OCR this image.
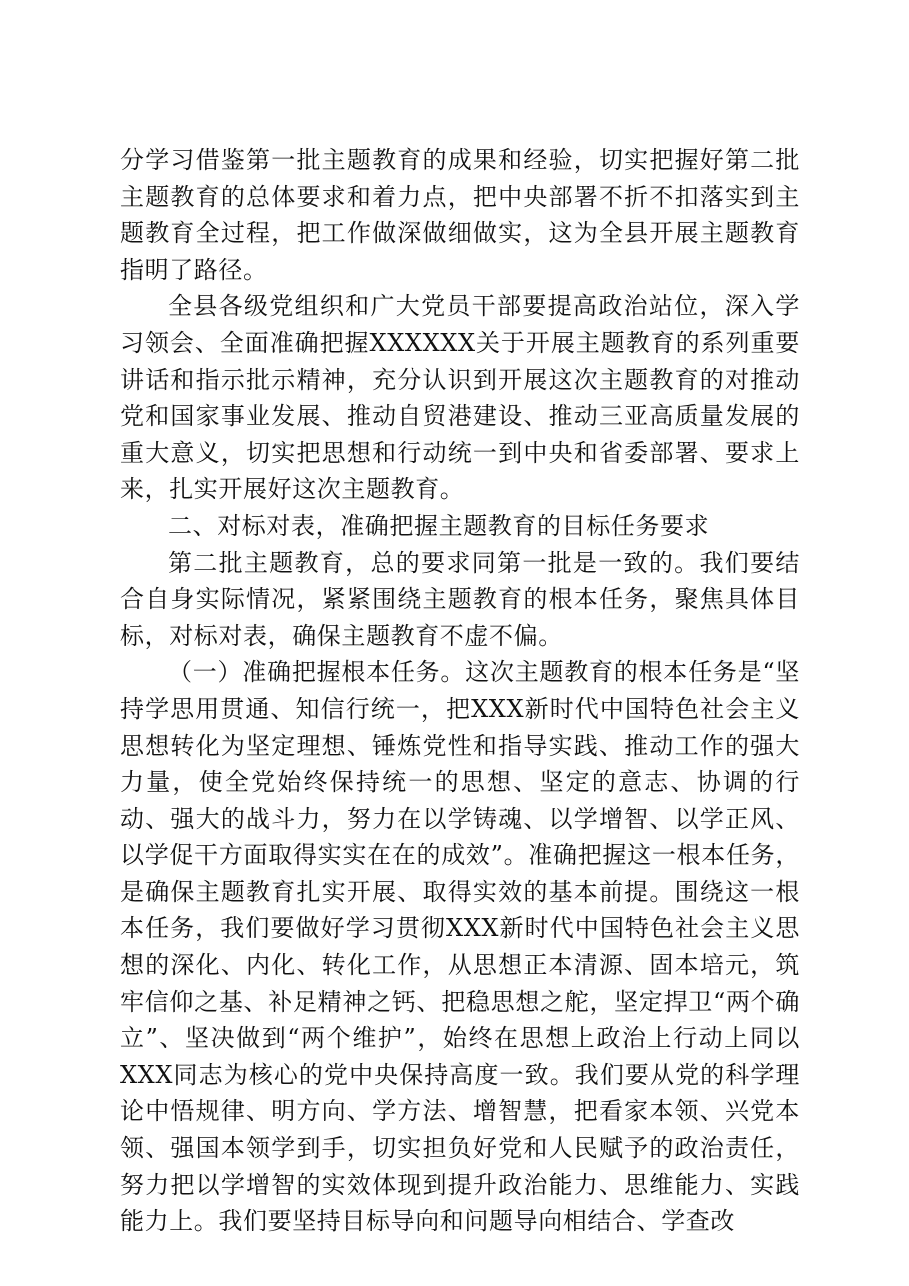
分学习借鉴第一批主题教育的成果和经验，切实把握好第二批主题教育的总体要求和着力点，把中央部署不折不扣落实到主题教育全过程，把工作做深做细做实，这为全县开展主题教育指明了路径。

全县各级党组织和广大党员干部要提高政治站位，深入学习领会、全面准确把握XXXXXX关于开展主题教育的系列重要讲话和指示批示精神，充分认识到开展这次主题教育的对推动党和国家事业发展、推动自贸港建设、推动三亚高质量发展的重大意义，切实把思想和行动统一到中央和省委部署、要求上来，扎实开展好这次主题教育。

二、对标对表，准确把握主题教育的目标任务要求

第二批主题教育，总的要求同第一批是一致的。我们要结合自身实际情况，紧紧围绕主题教育的根本任务，聚焦具体目标，对标对表，确保主题教育不虚不偏。

（一）准确把握根本任务。这次主题教育的根本任务是“坚持学思用贯通、知信行统一，把XXX新时代中国特色社会主义思想转化为坚定理想、锤炼党性和指导实践、推动工作的强大力量，使全党始终保持统一的思想、坚定的意志、协调的行动、强大的战斗力，努力在以学铸魂、以学增智、以学正风、以学促干方面取得实实在在的成效”。准确把握这一根本任务，是确保主题教育扎实开展、取得实效的基本前提。围绕这一根本任务，我们要做好学习贯彻XXX新时代中国特色社会主义思想的深化、内化、转化工作，从思想正本清源、固本培元，筑牢信仰之基、补足精神之钙、把稳思想之舵，坚定捍卫“两个确立”、坚决做到“两个维护”，始终在思想上政治上行动上同以XXX同志为核心的党中央保持高度一致。我们要从党的科学理论中悟规律、明方向、学方法、增智慧，把看家本领、兴党本领、强国本领学到手，切实担负好党和人民赋予的政治责任，努力把以学增智的实效体现到提升政治能力、思维能力、实践能力上。我们要坚持目标导向和问题导向相结合、学查改
